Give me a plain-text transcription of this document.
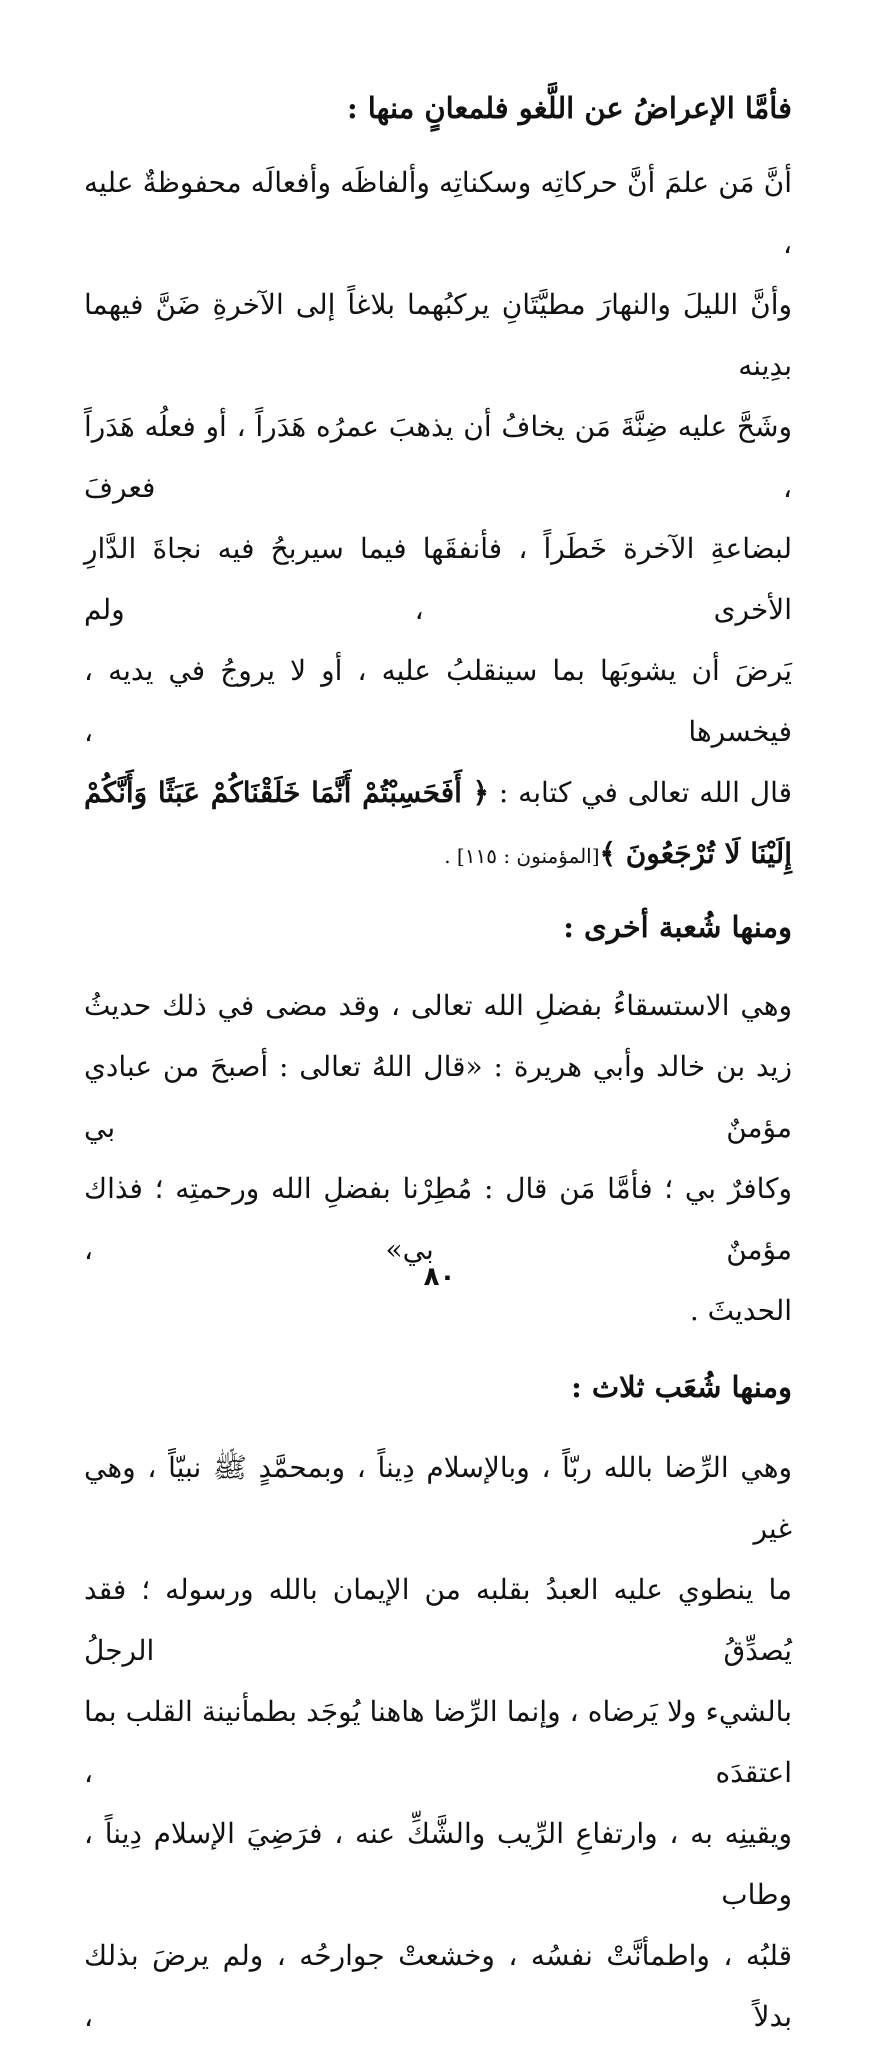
فأمَّا الإعراضُ عن اللَّغو فلمعانٍ منها :
أنَّ مَن علمَ أنَّ حركاتِه وسكناتِه وألفاظَه وأفعالَه محفوظةٌ عليه ،
وأنَّ الليلَ والنهارَ مطيَّتَانِ يركبُهما بلاغاً إلى الآخرةِ ضَنَّ فيهما بدِينه
وشَحَّ عليه ضِنَّةَ مَن يخافُ أن يذهبَ عمرُه هَدَراً ، أو فعلُه هَدَراً ، فعرفَ
لبضاعةِ الآخرة خَطَراً ، فأنفقَها فيما سيربحُ فيه نجاةَ الدَّارِ الأخرى ، ولم
يَرضَ أن يشوبَها بما سينقلبُ عليه ، أو لا يروجُ في يديه ، فيخسرها ،
قال الله تعالى في كتابه : ﴿ أَفَحَسِبْتُمْ أَنَّمَا خَلَقْنَاكُمْ عَبَثًا وَأَنَّكُمْ إِلَيْنَا لَا تُرْجَعُونَ ﴾[المؤمنون : ١١٥] .
ومنها شُعبة أخرى :
وهي الاستسقاءُ بفضلِ الله تعالى ، وقد مضى في ذلك حديثُ
زيد بن خالد وأبي هريرة : «قال اللهُ تعالى : أصبحَ من عبادي مؤمنٌ بي
وكافرٌ بي ؛ فأمَّا مَن قال : مُطِرْنا بفضلِ الله ورحمتِه ؛ فذاك مؤمنٌ بي» ،
الحديثَ .
ومنها شُعَب ثلاث :
وهي الرِّضا بالله ربّاً ، وبالإسلام دِيناً ، وبمحمَّدٍ ﷺ نبيّاً ، وهي غير
ما ينطوي عليه العبدُ بقلبه من الإيمان بالله ورسوله ؛ فقد يُصدِّقُ الرجلُ
بالشيء ولا يَرضاه ، وإنما الرِّضا هاهنا يُوجَد بطمأنينة القلب بما اعتقدَه ،
ويقينِه به ، وارتفاعِ الرِّيب والشَّكِّ عنه ، فرَضِيَ الإسلام دِيناً ، وطاب
قلبُه ، واطمأنَّتْ نفسُه ، وخشعتْ جوارحُه ، ولم يرضَ بذلك بدلاً ،
٨٠
